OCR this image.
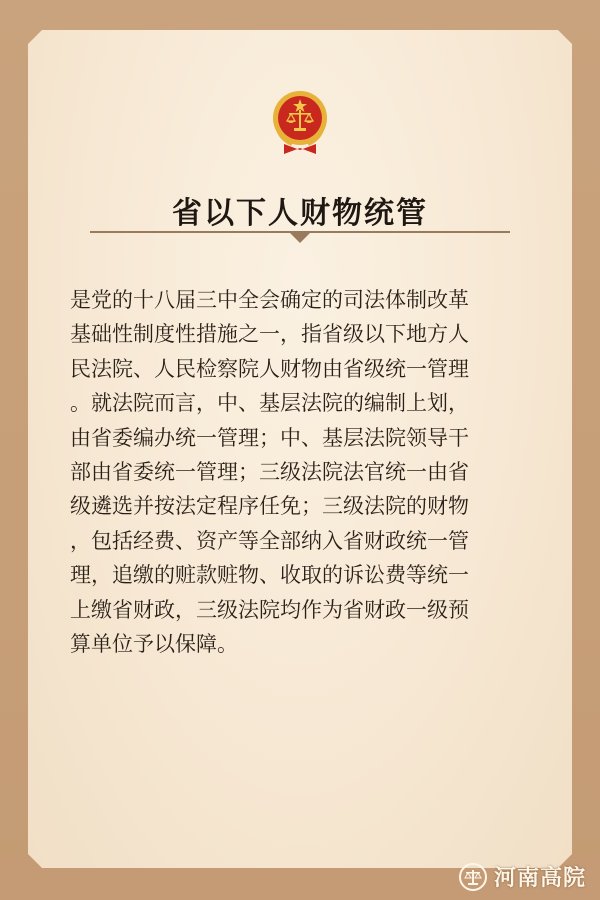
省以下人财物统管
是党的十八届三中全会确定的司法体制改革
基础性制度性措施之一，指省级以下地方人
民法院、人民检察院人财物由省级统一管理
。就法院而言，中、基层法院的编制上划，
由省委编办统一管理；中、基层法院领导干
部由省委统一管理；三级法院法官统一由省
级遴选并按法定程序任免；三级法院的财物
，包括经费、资产等全部纳入省财政统一管
理，追缴的赃款赃物、收取的诉讼费等统一
上缴省财政，三级法院均作为省财政一级预
算单位予以保障。
河南高院
